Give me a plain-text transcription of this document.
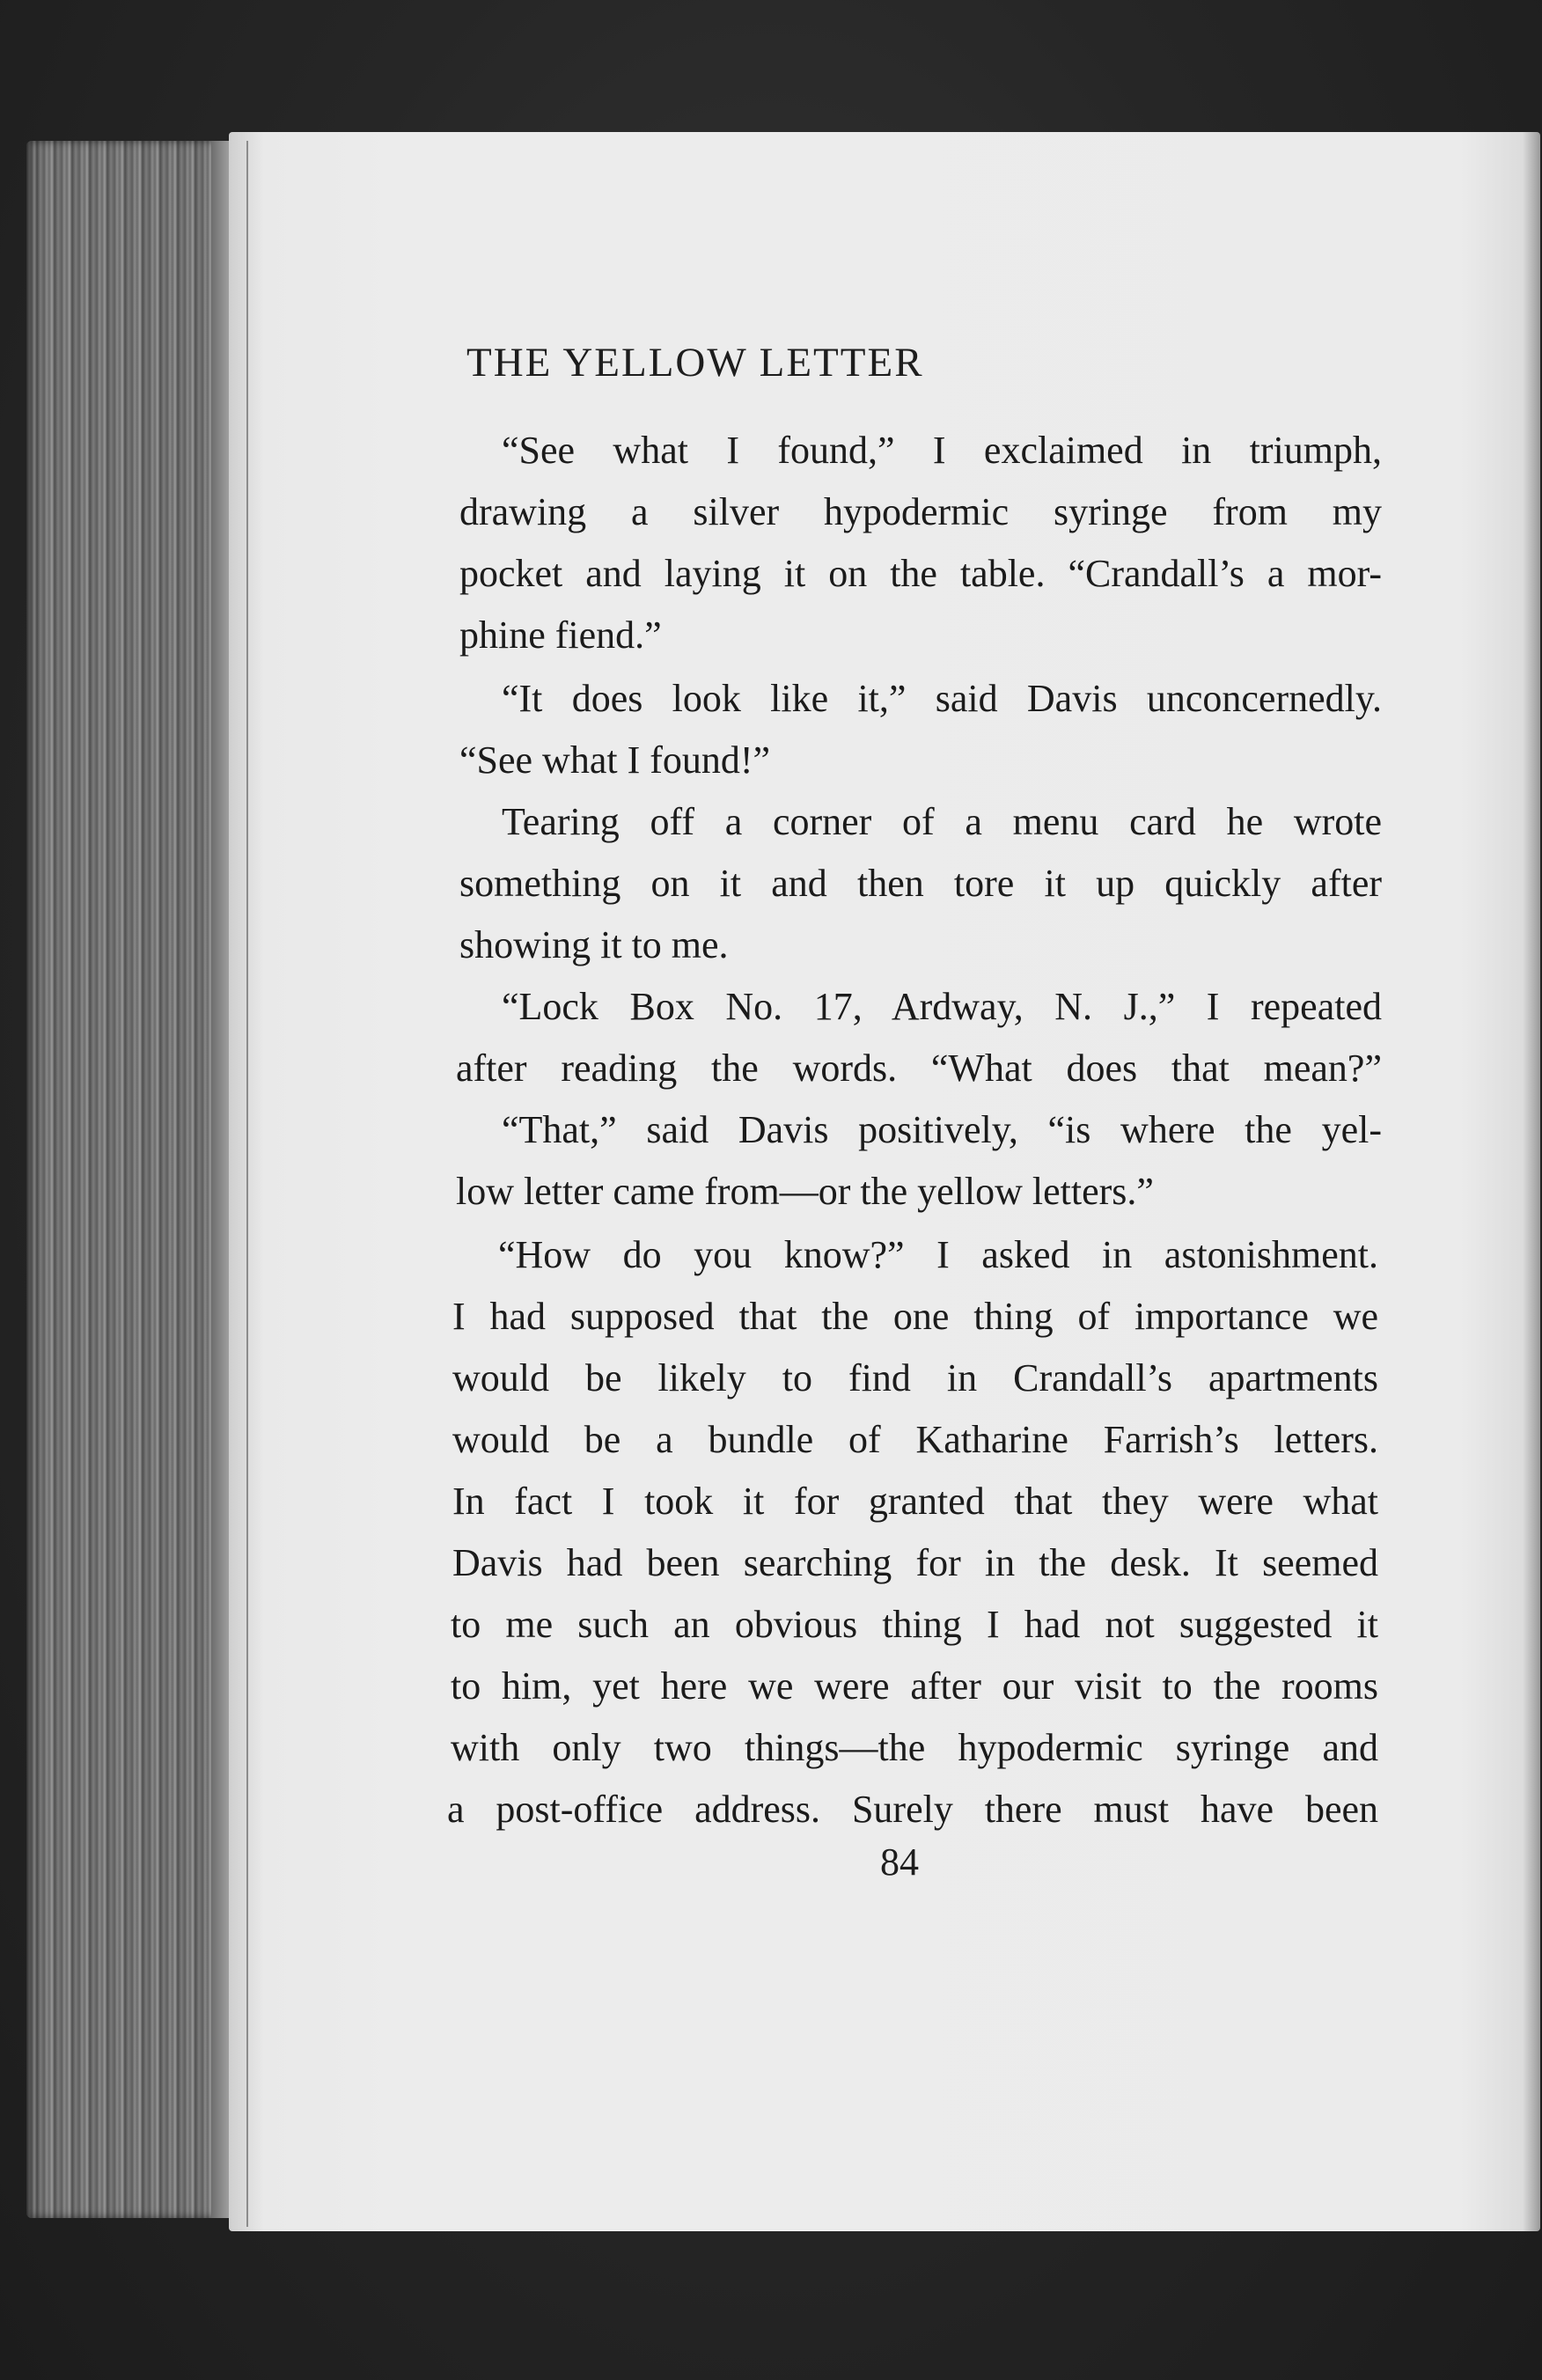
THE YELLOW LETTER
“See what I found,” I exclaimed in triumph,
drawing a silver hypodermic syringe from my
pocket and laying it on the table. “Crandall’s a mor-
phine fiend.”
“It does look like it,” said Davis unconcernedly.
“See what I found!”
Tearing off a corner of a menu card he wrote
something on it and then tore it up quickly after
showing it to me.
“Lock Box No. 17, Ardway, N. J.,” I repeated
after reading the words. “What does that mean?”
“That,” said Davis positively, “is where the yel-
low letter came from—or the yellow letters.”
“How do you know?” I asked in astonishment.
I had supposed that the one thing of importance we
would be likely to find in Crandall’s apartments
would be a bundle of Katharine Farrish’s letters.
In fact I took it for granted that they were what
Davis had been searching for in the desk. It seemed
to me such an obvious thing I had not suggested it
to him, yet here we were after our visit to the rooms
with only two things—the hypodermic syringe and
a post-office address. Surely there must have been
84
